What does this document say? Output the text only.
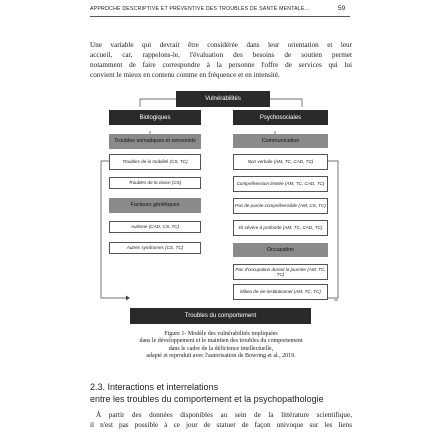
APPROCHE DESCRIPTIVE ET PRÉVENTIVE DES TROUBLES DE SANTÉ MENTALE...	59
Une variable qui devrait être considérée dans leur orientation et leur
accueil, car, rappelons-le, l'évaluation des besoins de soutien permet
notamment de faire correspondre à la personne l'offre de services qui lui
convient le mieux en contenu comme en fréquence et en intensité.
Vulnérabilités
Biologiques	Psychosociales
Troubles somatiques et sensoriels
Troubles de la mobilité (CS, TC)
Troubles de la vision (CS)
Facteurs génétiques
Autisme (CAD, CS, TC)
Autres syndromes (CS, TC)
Communication
Non verbale (AM, TC, CAD, TC)
Compréhension limitée (AM, TC, CAD, TC)
Pas de parole compréhensible (AM, CS, TC)
DI sévère à profonde (AM, TC, CAD, TC)
Occupation
Pas d'occupation durant la journée (AM, TC, TC)
Milieu de vie institutionnel (AM, TC, TC)
Troubles du comportement
Figure 1- Modèle des vulnérabilités impliquées
dans le développement et le maintien des troubles du comportement
dans le cadre de la déficience intellectuelle,
adapté et reproduit avec l'autorisation de Bowring et al., 2019.
2.3. Interactions et interrelations
entre les troubles du comportement et la psychopathologie
À partir des données disponibles au sein de la littérature scientifique,
il n'est pas possible à ce jour de statuer de façon univoque sur les liens
